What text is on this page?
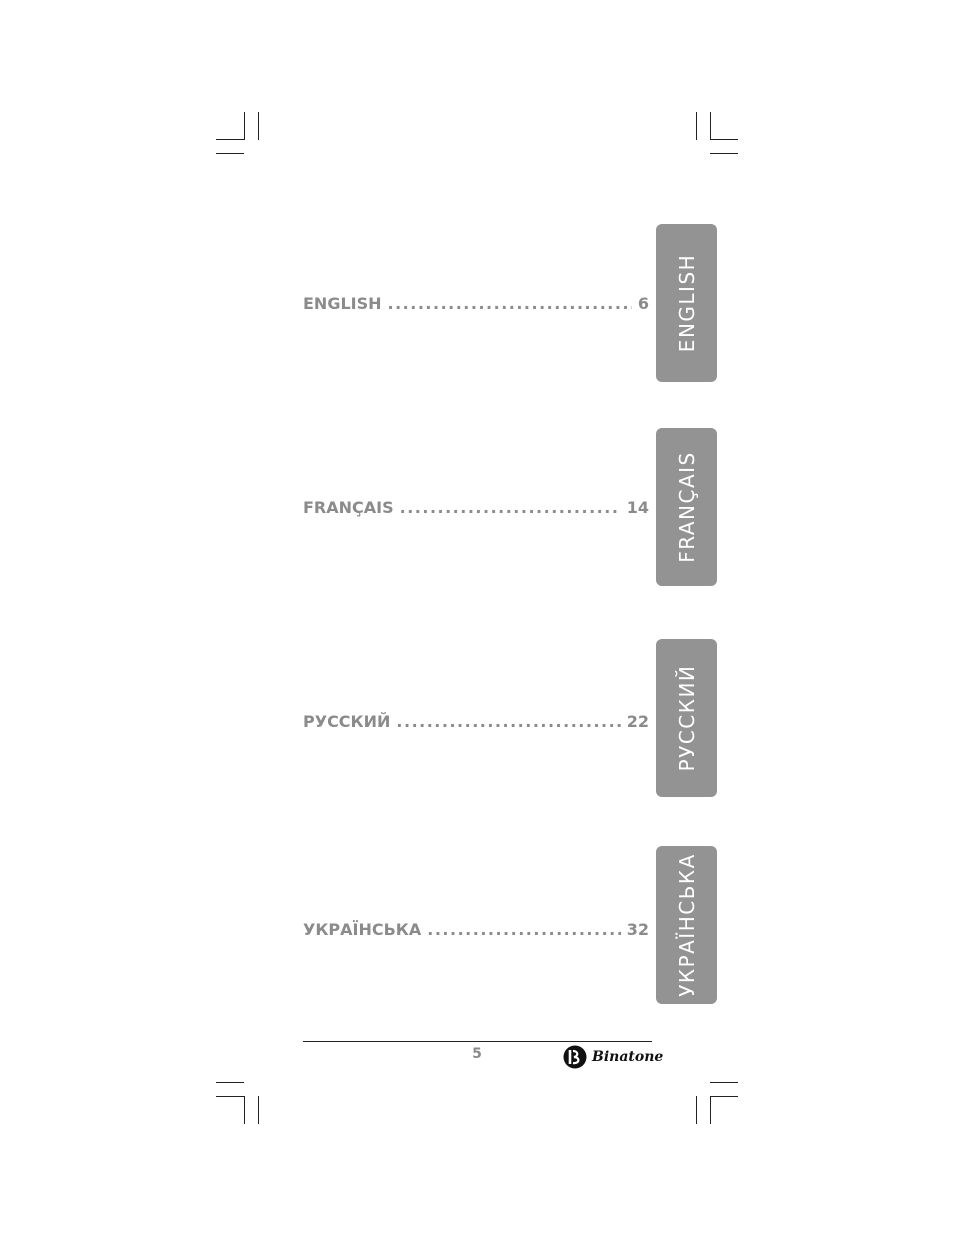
ENGLISH .....	6
FRANÇAIS .....	14
РУССКИЙ .....	22
УКРАЇНСЬКА .....	32
ENGLISH
FRANÇAIS
РУССКИЙ
УКРАЇНСЬКА
5	Binatone
